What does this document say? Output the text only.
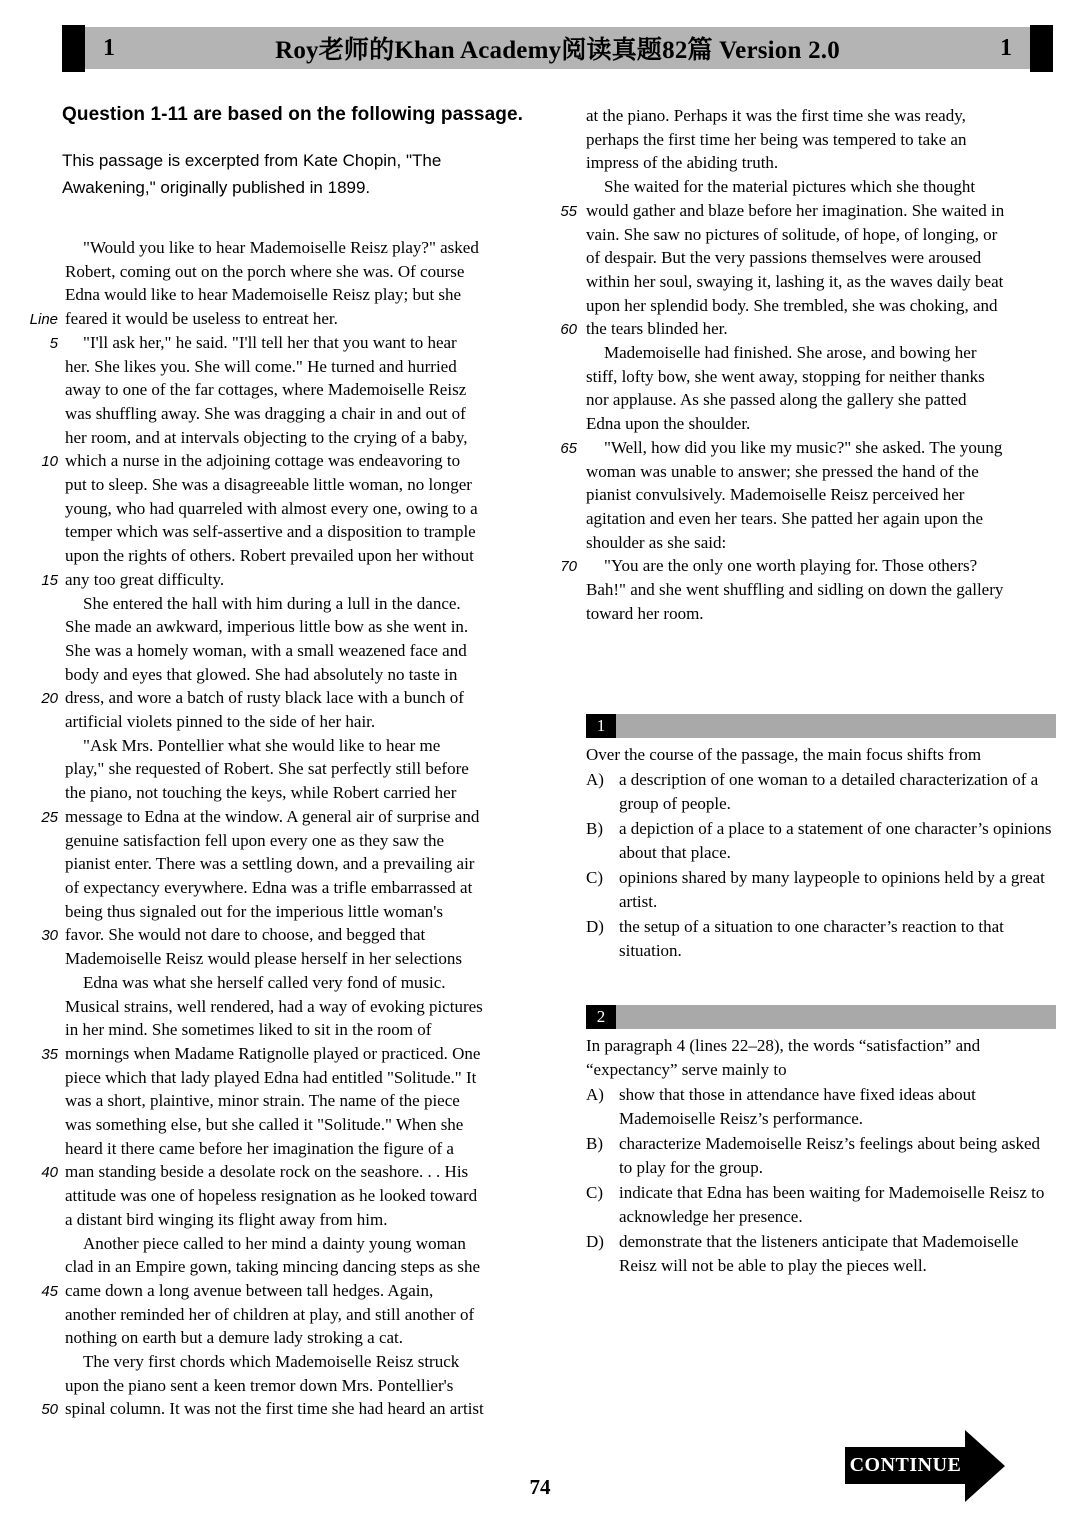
1	Roy老师的Khan Academy阅读真题82篇 Version 2.0	1
Question 1-11 are based on the following passage.
This passage is excerpted from Kate Chopin, "The Awakening," originally published in 1899.
"Would you like to hear Mademoiselle Reisz play?" asked
Robert, coming out on the porch where she was. Of course
Edna would like to hear Mademoiselle Reisz play; but she
Line feared it would be useless to entreat her.
5	"I'll ask her," he said. "I'll tell her that you want to hear
her. She likes you. She will come." He turned and hurried
away to one of the far cottages, where Mademoiselle Reisz
was shuffling away. She was dragging a chair in and out of
her room, and at intervals objecting to the crying of a baby,
10 which a nurse in the adjoining cottage was endeavoring to
put to sleep. She was a disagreeable little woman, no longer
young, who had quarreled with almost every one, owing to a
temper which was self-assertive and a disposition to trample
upon the rights of others. Robert prevailed upon her without
15 any too great difficulty.
She entered the hall with him during a lull in the dance.
She made an awkward, imperious little bow as she went in.
She was a homely woman, with a small weazened face and
body and eyes that glowed. She had absolutely no taste in
20 dress, and wore a batch of rusty black lace with a bunch of
artificial violets pinned to the side of her hair.
"Ask Mrs. Pontellier what she would like to hear me
play," she requested of Robert. She sat perfectly still before
the piano, not touching the keys, while Robert carried her
25 message to Edna at the window. A general air of surprise and
genuine satisfaction fell upon every one as they saw the
pianist enter. There was a settling down, and a prevailing air
of expectancy everywhere. Edna was a trifle embarrassed at
being thus signaled out for the imperious little woman's
30 favor. She would not dare to choose, and begged that
Mademoiselle Reisz would please herself in her selections
Edna was what she herself called very fond of music.
Musical strains, well rendered, had a way of evoking pictures
in her mind. She sometimes liked to sit in the room of
35 mornings when Madame Ratignolle played or practiced. One
piece which that lady played Edna had entitled "Solitude." It
was a short, plaintive, minor strain. The name of the piece
was something else, but she called it "Solitude." When she
heard it there came before her imagination the figure of a
40 man standing beside a desolate rock on the seashore. . . His
attitude was one of hopeless resignation as he looked toward
a distant bird winging its flight away from him.
Another piece called to her mind a dainty young woman
clad in an Empire gown, taking mincing dancing steps as she
45 came down a long avenue between tall hedges. Again,
another reminded her of children at play, and still another of
nothing on earth but a demure lady stroking a cat.
The very first chords which Mademoiselle Reisz struck
upon the piano sent a keen tremor down Mrs. Pontellier's
50 spinal column. It was not the first time she had heard an artist
at the piano. Perhaps it was the first time she was ready,
perhaps the first time her being was tempered to take an
impress of the abiding truth.
She waited for the material pictures which she thought
55 would gather and blaze before her imagination. She waited in
vain. She saw no pictures of solitude, of hope, of longing, or
of despair. But the very passions themselves were aroused
within her soul, swaying it, lashing it, as the waves daily beat
upon her splendid body. She trembled, she was choking, and
60 the tears blinded her.
Mademoiselle had finished. She arose, and bowing her
stiff, lofty bow, she went away, stopping for neither thanks
nor applause. As she passed along the gallery she patted
Edna upon the shoulder.
65	"Well, how did you like my music?" she asked. The young
woman was unable to answer; she pressed the hand of the
pianist convulsively. Mademoiselle Reisz perceived her
agitation and even her tears. She patted her again upon the
shoulder as she said:
70	"You are the only one worth playing for. Those others?
Bah!" and she went shuffling and sidling on down the gallery
toward her room.
1
Over the course of the passage, the main focus shifts from
A) a description of one woman to a detailed characterization of a group of people.
B) a depiction of a place to a statement of one character’s opinions about that place.
C) opinions shared by many laypeople to opinions held by a great artist.
D) the setup of a situation to one character’s reaction to that situation.
2
In paragraph 4 (lines 22–28), the words “satisfaction” and “expectancy” serve mainly to
A) show that those in attendance have fixed ideas about Mademoiselle Reisz’s performance.
B) characterize Mademoiselle Reisz’s feelings about being asked to play for the group.
C) indicate that Edna has been waiting for Mademoiselle Reisz to acknowledge her presence.
D) demonstrate that the listeners anticipate that Mademoiselle Reisz will not be able to play the pieces well.
74
CONTINUE
